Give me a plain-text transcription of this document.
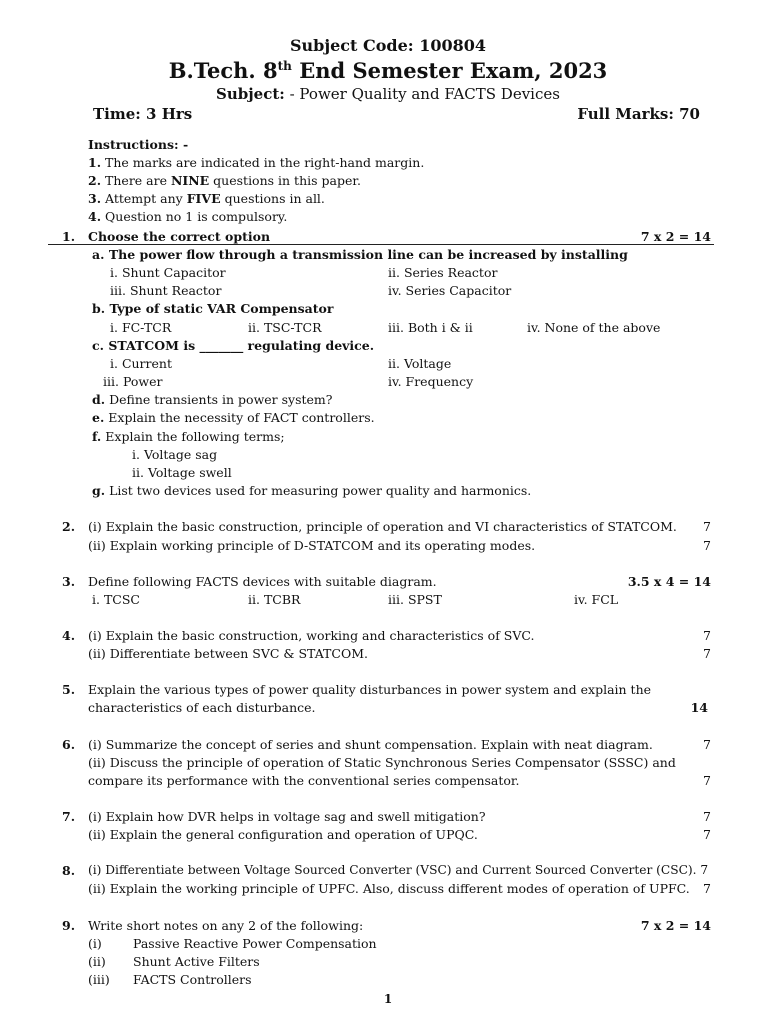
Subject Code: 100804
B.Tech. 8th End Semester Exam, 2023
Subject: - Power Quality and FACTS Devices
Time: 3 Hrs	Full Marks: 70
Instructions: -
1. The marks are indicated in the right-hand margin.
2. There are NINE questions in this paper.
3. Attempt any FIVE questions in all.
4. Question no 1 is compulsory.
1. Choose the correct option	7 x 2 = 14
a. The power flow through a transmission line can be increased by installing
i. Shunt Capacitor	ii. Series Reactor
iii. Shunt Reactor	iv. Series Capacitor
b. Type of static VAR Compensator
i. FC-TCR	ii. TSC-TCR	iii. Both i & ii	iv. None of the above
c. STATCOM is _______ regulating device.
i. Current	ii. Voltage
iii. Power	iv. Frequency
d. Define transients in power system?
e. Explain the necessity of FACT controllers.
f. Explain the following terms;
i. Voltage sag
ii. Voltage swell
g. List two devices used for measuring power quality and harmonics.
2. (i) Explain the basic construction, principle of operation and VI characteristics of STATCOM. 7
(ii) Explain working principle of D-STATCOM and its operating modes.	7
3. Define following FACTS devices with suitable diagram.	3.5 x 4 = 14
i. TCSC	ii. TCBR	iii. SPST	iv. FCL
4. (i) Explain the basic construction, working and characteristics of SVC.	7
(ii) Differentiate between SVC & STATCOM.	7
5. Explain the various types of power quality disturbances in power system and explain the
characteristics of each disturbance.	14
6. (i) Summarize the concept of series and shunt compensation. Explain with neat diagram.	7
(ii) Discuss the principle of operation of Static Synchronous Series Compensator (SSSC) and
compare its performance with the conventional series compensator.	7
7. (i) Explain how DVR helps in voltage sag and swell mitigation?	7
(ii) Explain the general configuration and operation of UPQC.	7
8. (i) Differentiate between Voltage Sourced Converter (VSC) and Current Sourced Converter (CSC). 7
(ii) Explain the working principle of UPFC. Also, discuss different modes of operation of UPFC. 7
9. Write short notes on any 2 of the following:	7 x 2 = 14
(i) Passive Reactive Power Compensation
(ii) Shunt Active Filters
(iii) FACTS Controllers
1
